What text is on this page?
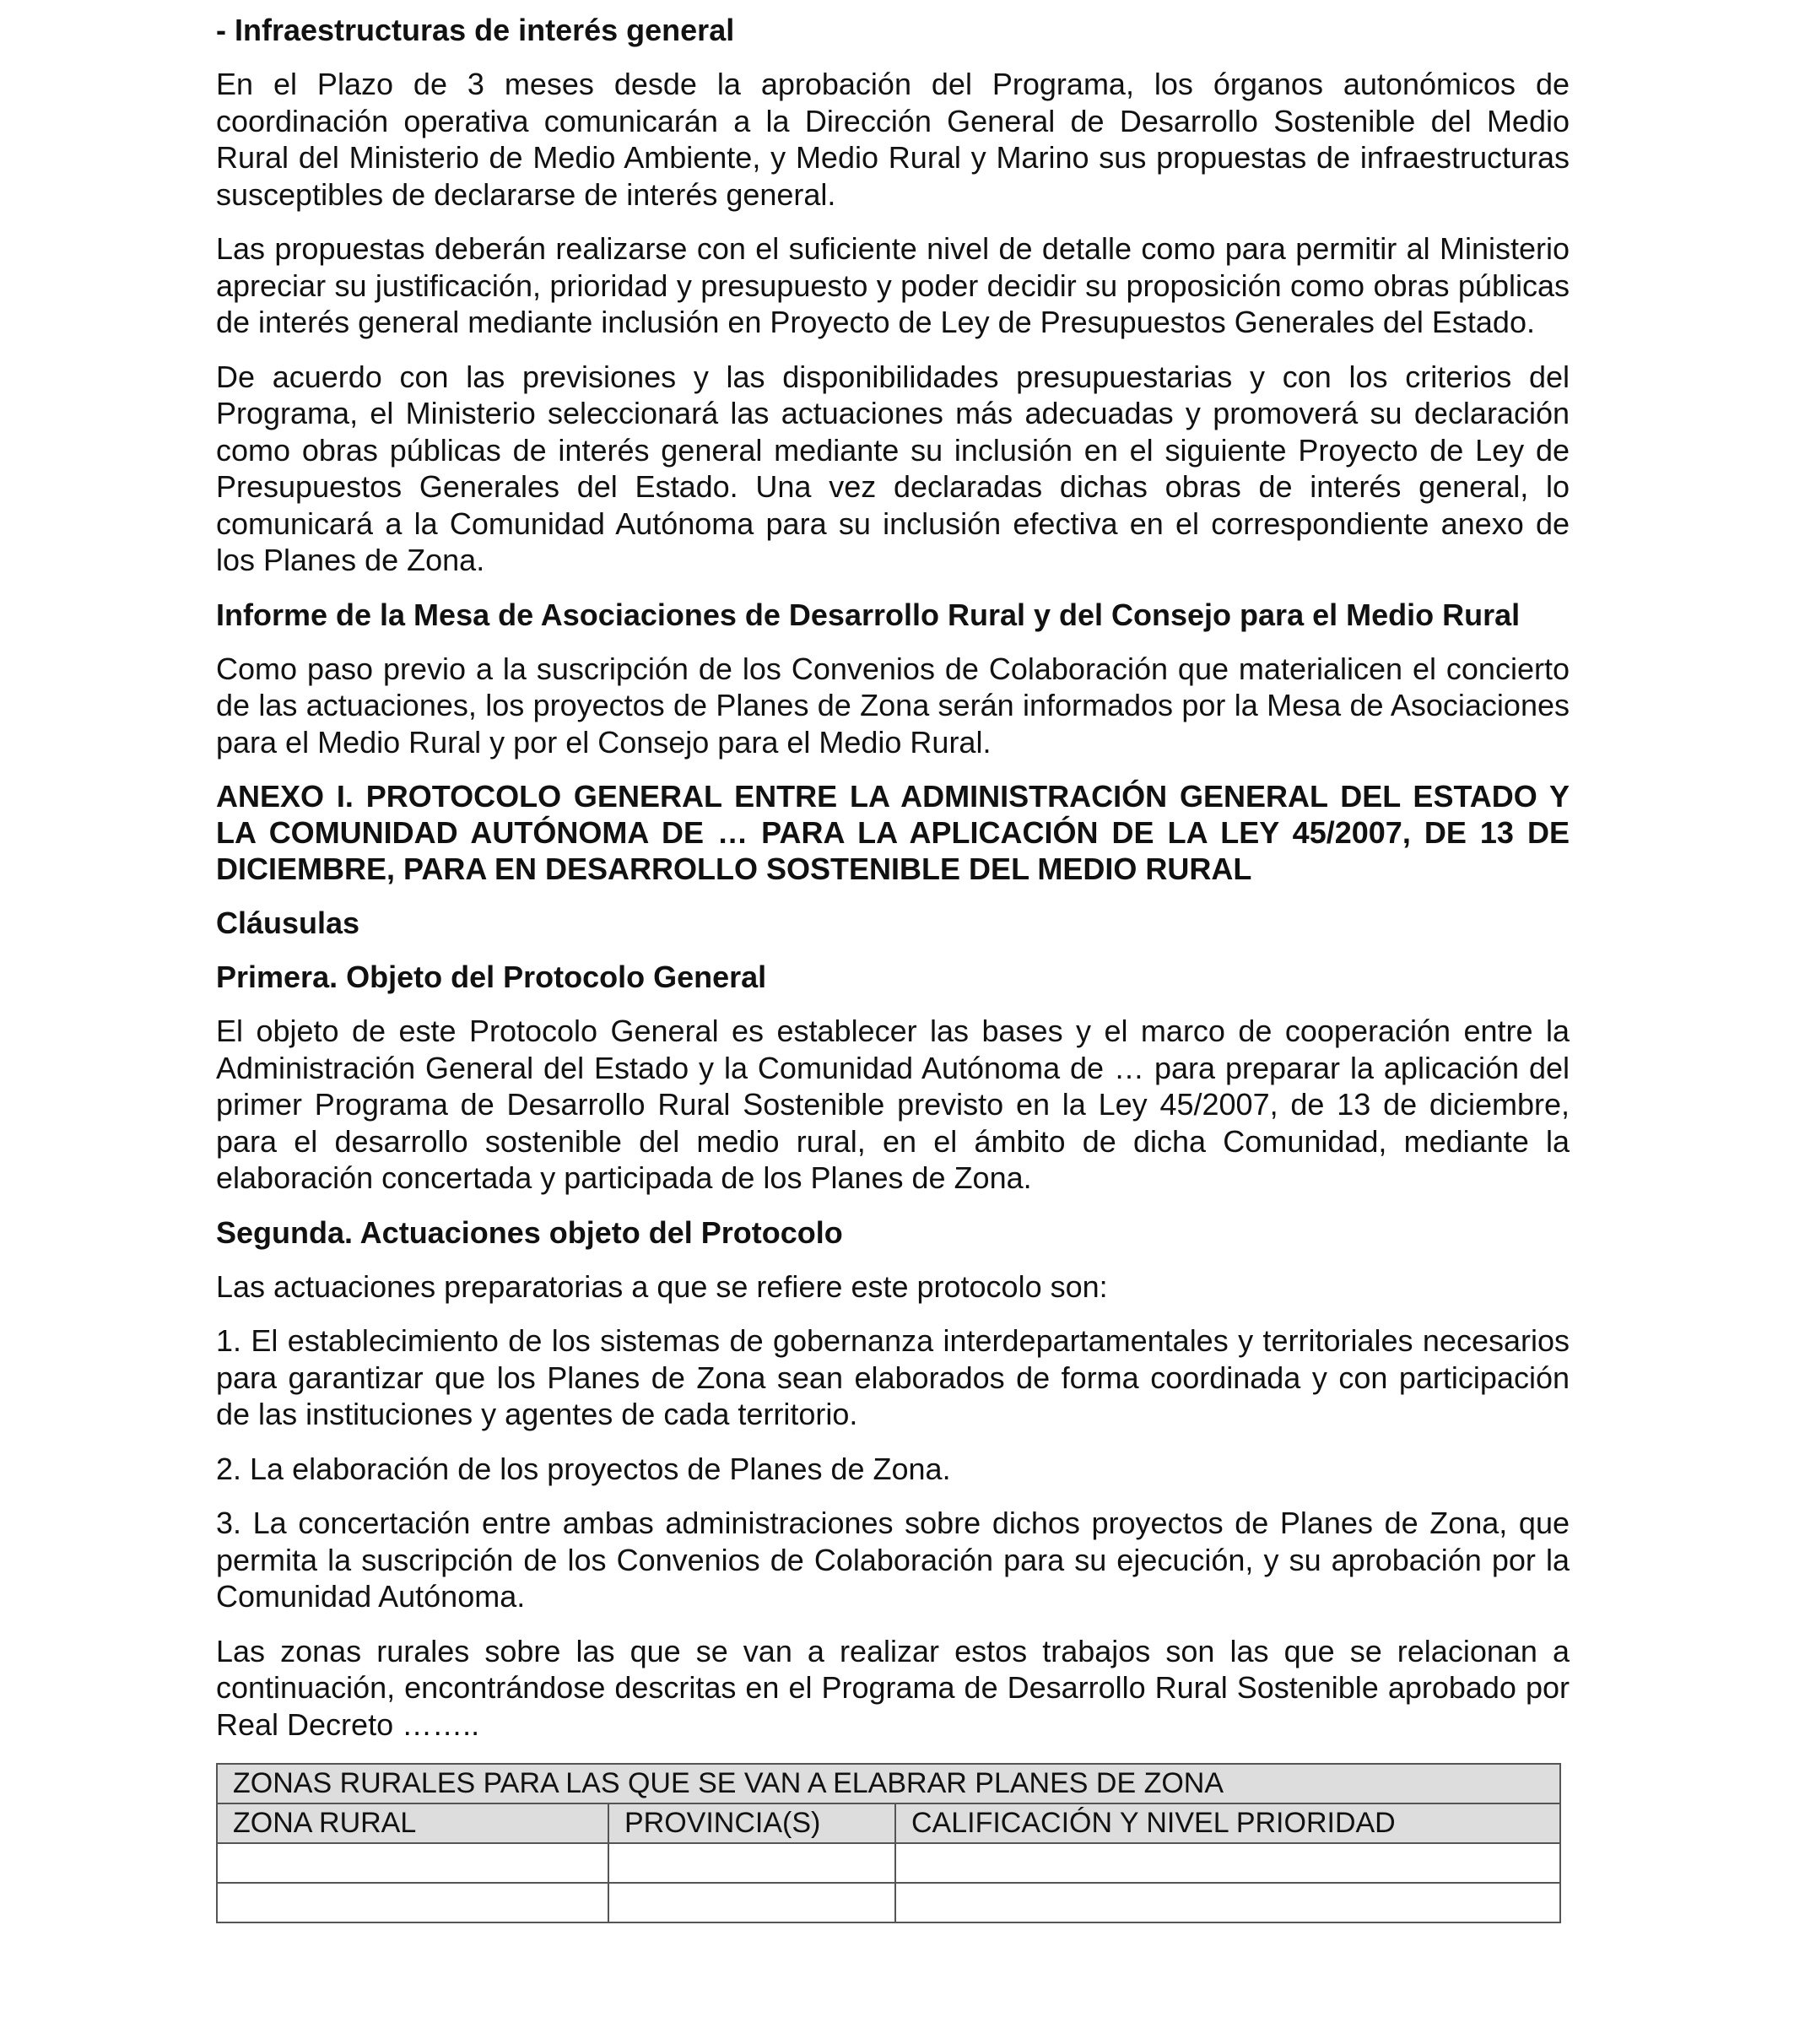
- Infraestructuras de interés general

En el Plazo de 3 meses desde la aprobación del Programa, los órganos autonómicos de coordinación operativa comunicarán a la Dirección General de Desarrollo Sostenible del Medio Rural del Ministerio de Medio Ambiente, y Medio Rural y Marino sus propuestas de infraestructuras susceptibles de declararse de interés general.

Las propuestas deberán realizarse con el suficiente nivel de detalle como para permitir al Ministerio apreciar su justificación, prioridad y presupuesto y poder decidir su proposición como obras públicas de interés general mediante inclusión en Proyecto de Ley de Presupuestos Generales del Estado.

De acuerdo con las previsiones y las disponibilidades presupuestarias y con los criterios del Programa, el Ministerio seleccionará las actuaciones más adecuadas y promoverá su declaración como obras públicas de interés general mediante su inclusión en el siguiente Proyecto de Ley de Presupuestos Generales del Estado. Una vez declaradas dichas obras de interés general, lo comunicará a la Comunidad Autónoma para su inclusión efectiva en el correspondiente anexo de los Planes de Zona.

Informe de la Mesa de Asociaciones de Desarrollo Rural y del Consejo para el Medio Rural

Como paso previo a la suscripción de los Convenios de Colaboración que materialicen el concierto de las actuaciones, los proyectos de Planes de Zona serán informados por la Mesa de Asociaciones para el Medio Rural y por el Consejo para el Medio Rural.

ANEXO I. PROTOCOLO GENERAL ENTRE LA ADMINISTRACIÓN GENERAL DEL ESTADO Y LA COMUNIDAD AUTÓNOMA DE … PARA LA APLICACIÓN DE LA LEY 45/2007, DE 13 DE DICIEMBRE, PARA EN DESARROLLO SOSTENIBLE DEL MEDIO RURAL
Cláusulas
Primera. Objeto del Protocolo General

El objeto de este Protocolo General es establecer las bases y el marco de cooperación entre la Administración General del Estado y la Comunidad Autónoma de … para preparar la aplicación del primer Programa de Desarrollo Rural Sostenible previsto en la Ley 45/2007, de 13 de diciembre, para el desarrollo sostenible del medio rural, en el ámbito de dicha Comunidad, mediante la elaboración concertada y participada de los Planes de Zona.

Segunda. Actuaciones objeto del Protocolo

Las actuaciones preparatorias a que se refiere este protocolo son:

1. El establecimiento de los sistemas de gobernanza interdepartamentales y territoriales necesarios para garantizar que los Planes de Zona sean elaborados de forma coordinada y con participación de las instituciones y agentes de cada territorio.

2. La elaboración de los proyectos de Planes de Zona.

3. La concertación entre ambas administraciones sobre dichos proyectos de Planes de Zona, que permita la suscripción de los Convenios de Colaboración para su ejecución, y su aprobación por la Comunidad Autónoma.

Las zonas rurales sobre las que se van a realizar estos trabajos son las que se relacionan a continuación, encontrándose descritas en el Programa de Desarrollo Rural Sostenible aprobado por Real Decreto ……..

ZONAS RURALES PARA LAS QUE SE VAN A ELABRAR PLANES DE ZONA		
ZONA RURAL	PROVINCIA(S)	CALIFICACIÓN Y NIVEL PRIORIDAD
